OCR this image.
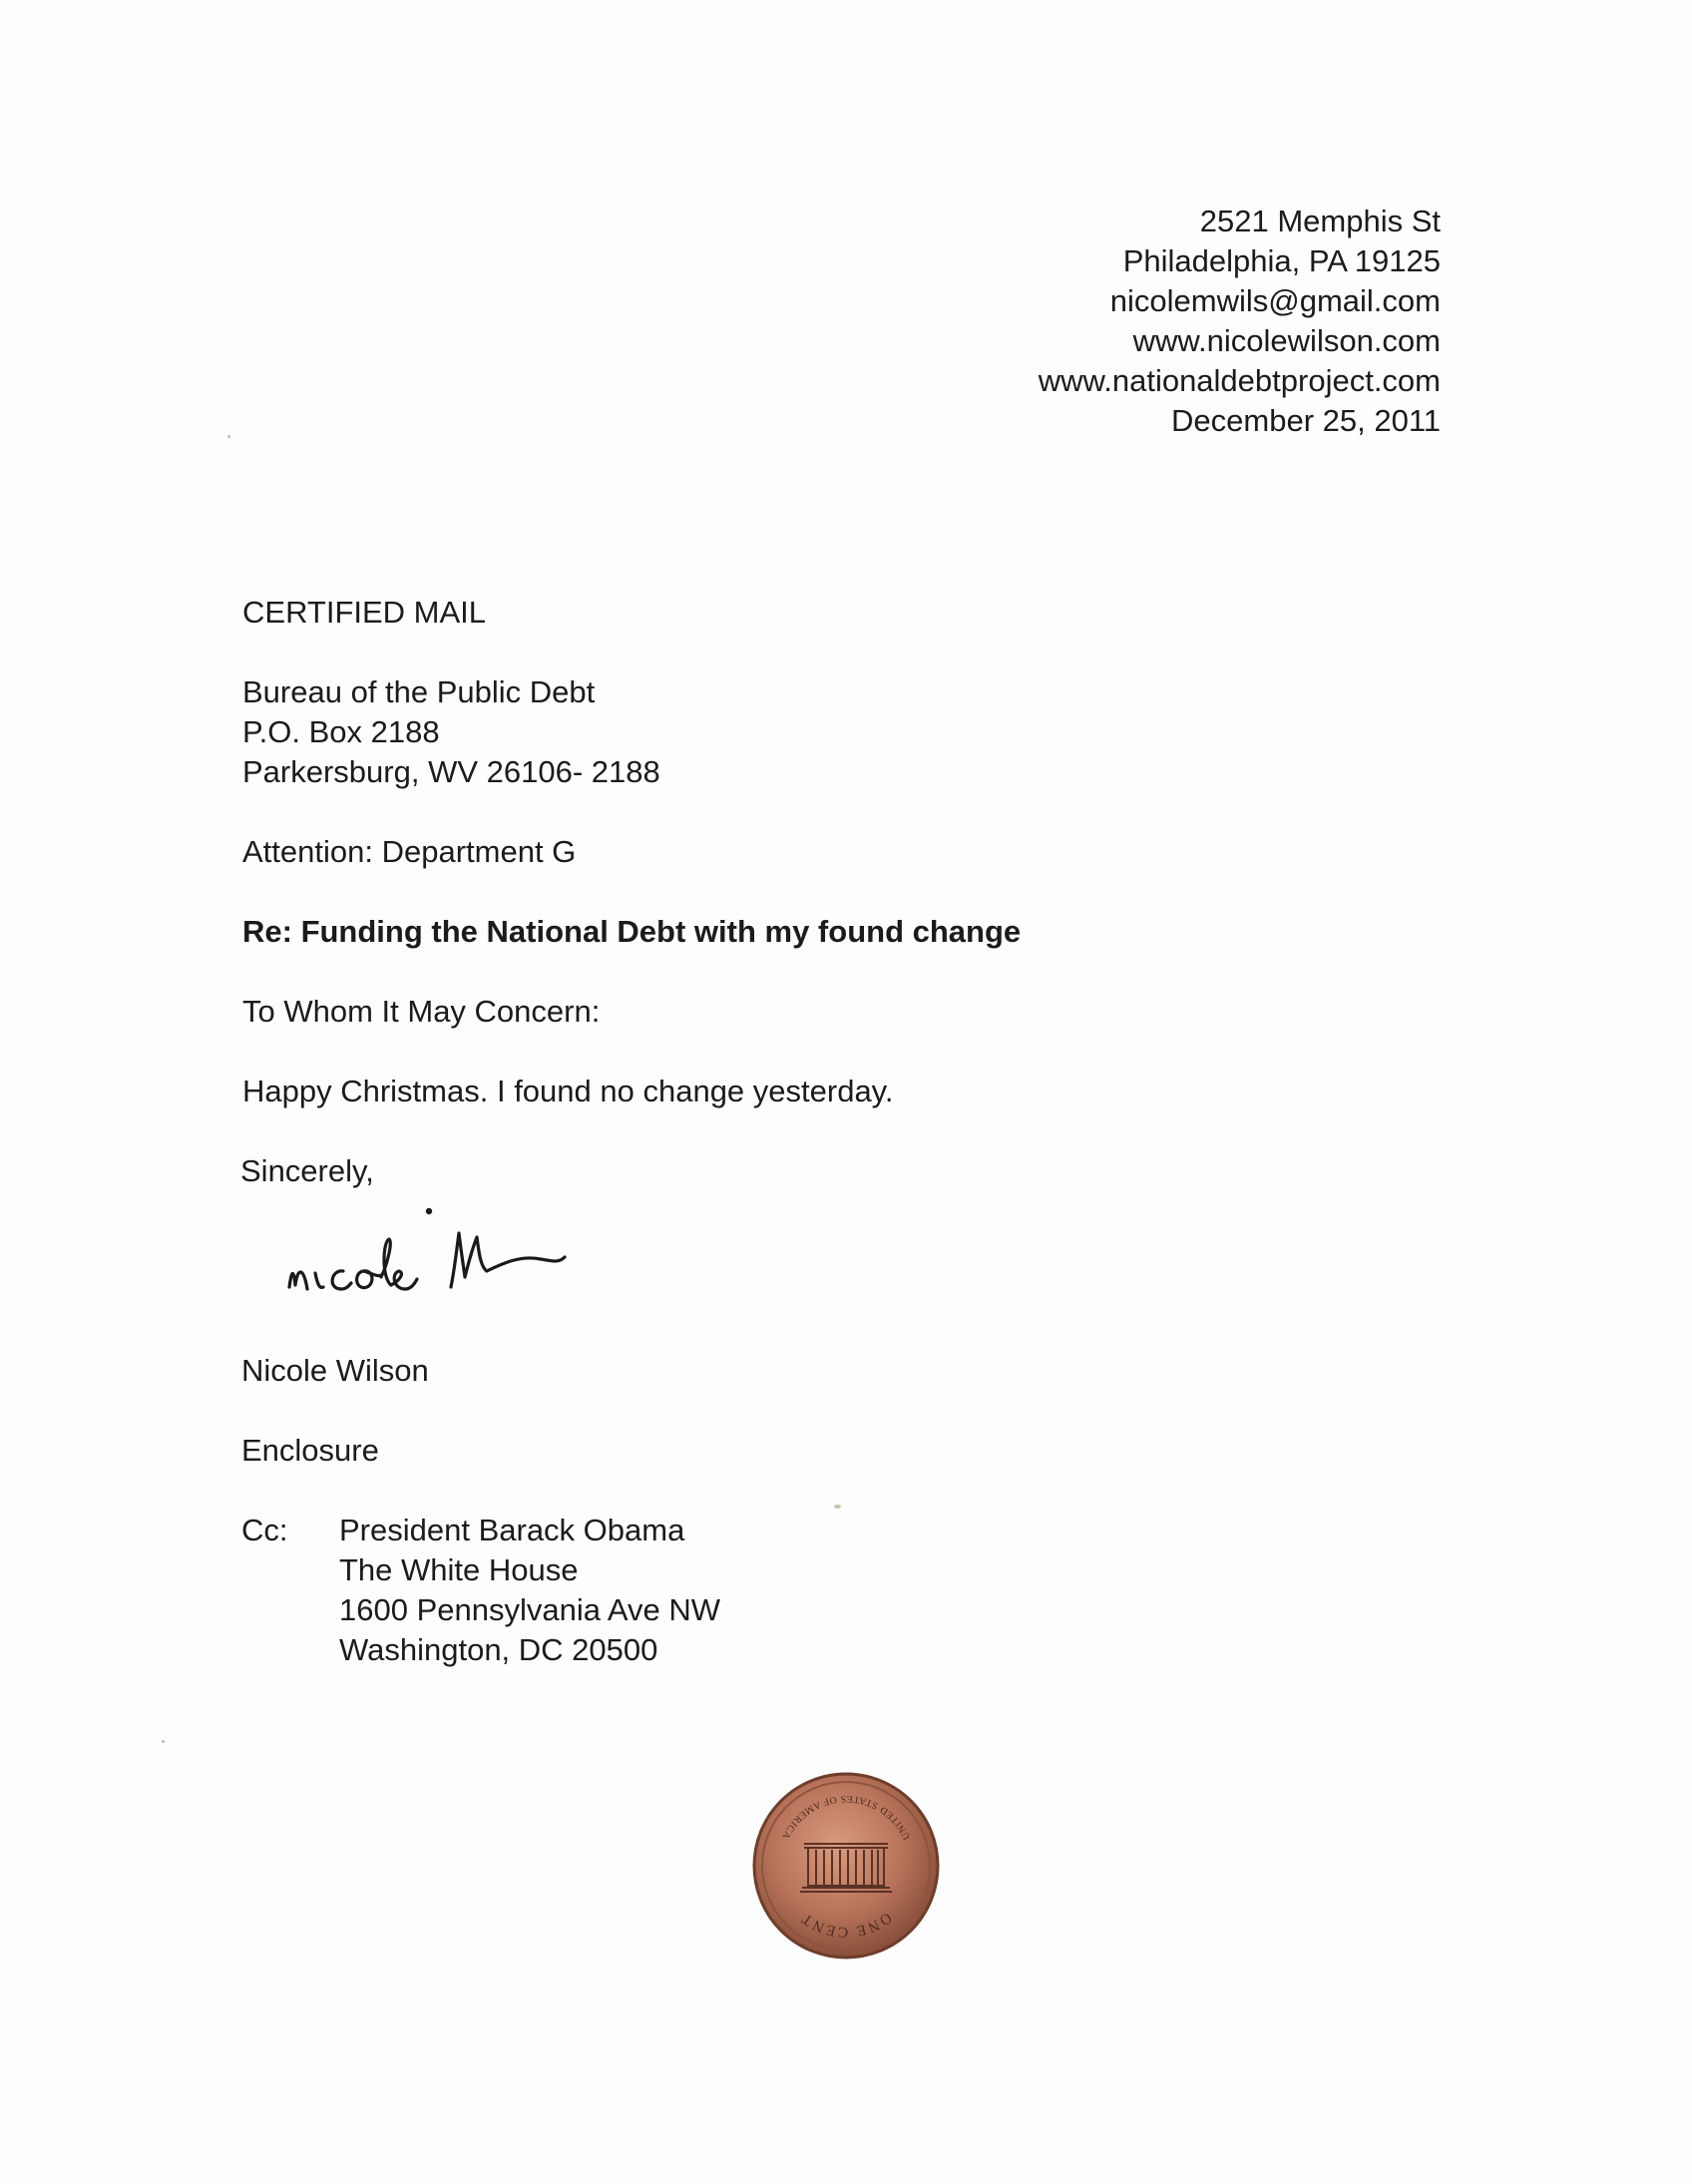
2521 Memphis St
Philadelphia, PA 19125
nicolemwils@gmail.com
www.nicolewilson.com
www.nationaldebtproject.com
December 25, 2011
CERTIFIED MAIL
Bureau of the Public Debt
P.O. Box 2188
Parkersburg, WV 26106- 2188
Attention: Department G
Re: Funding the National Debt with my found change
To Whom It May Concern:
Happy Christmas. I found no change yesterday.
Sincerely,
Nicole Wilson
Enclosure
Cc: President Barack Obama
The White House
1600 Pennsylvania Ave NW
Washington, DC 20500
ONE CENT
UNITED STATES OF AMERICA
